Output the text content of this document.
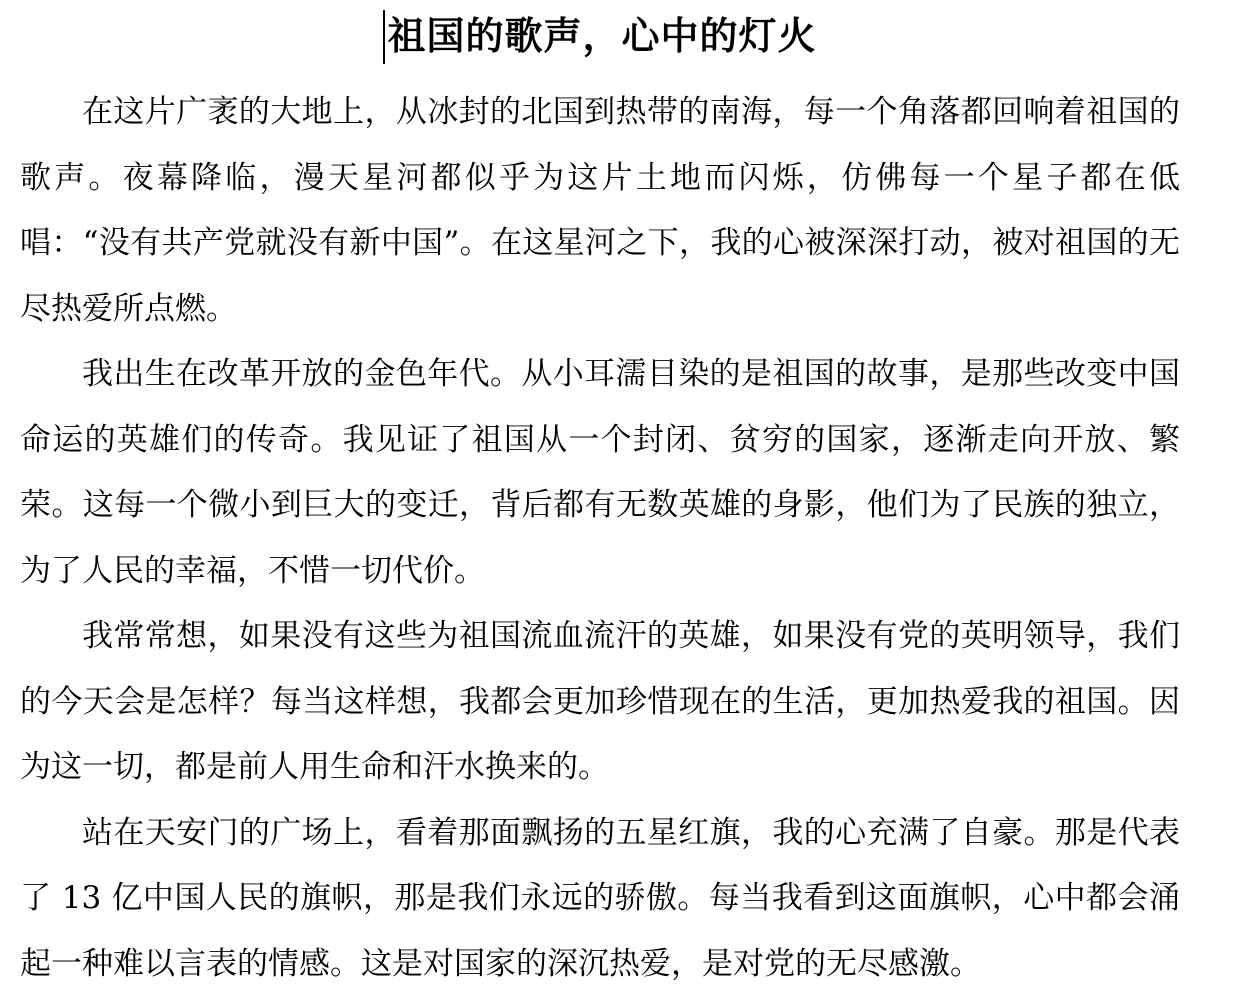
祖国的歌声，心中的灯火

在这片广袤的大地上，从冰封的北国到热带的南海，每一个角落都回响着祖国的歌声。夜幕降临，漫天星河都似乎为这片土地而闪烁，仿佛每一个星子都在低唱：“没有共产党就没有新中国”。在这星河之下，我的心被深深打动，被对祖国的无尽热爱所点燃。

我出生在改革开放的金色年代。从小耳濡目染的是祖国的故事，是那些改变中国命运的英雄们的传奇。我见证了祖国从一个封闭、贫穷的国家，逐渐走向开放、繁荣。这每一个微小到巨大的变迁，背后都有无数英雄的身影，他们为了民族的独立，为了人民的幸福，不惜一切代价。

我常常想，如果没有这些为祖国流血流汗的英雄，如果没有党的英明领导，我们的今天会是怎样？每当这样想，我都会更加珍惜现在的生活，更加热爱我的祖国。因为这一切，都是前人用生命和汗水换来的。

站在天安门的广场上，看着那面飘扬的五星红旗，我的心充满了自豪。那是代表了 13 亿中国人民的旗帜，那是我们永远的骄傲。每当我看到这面旗帜，心中都会涌起一种难以言表的情感。这是对国家的深沉热爱，是对党的无尽感激。
